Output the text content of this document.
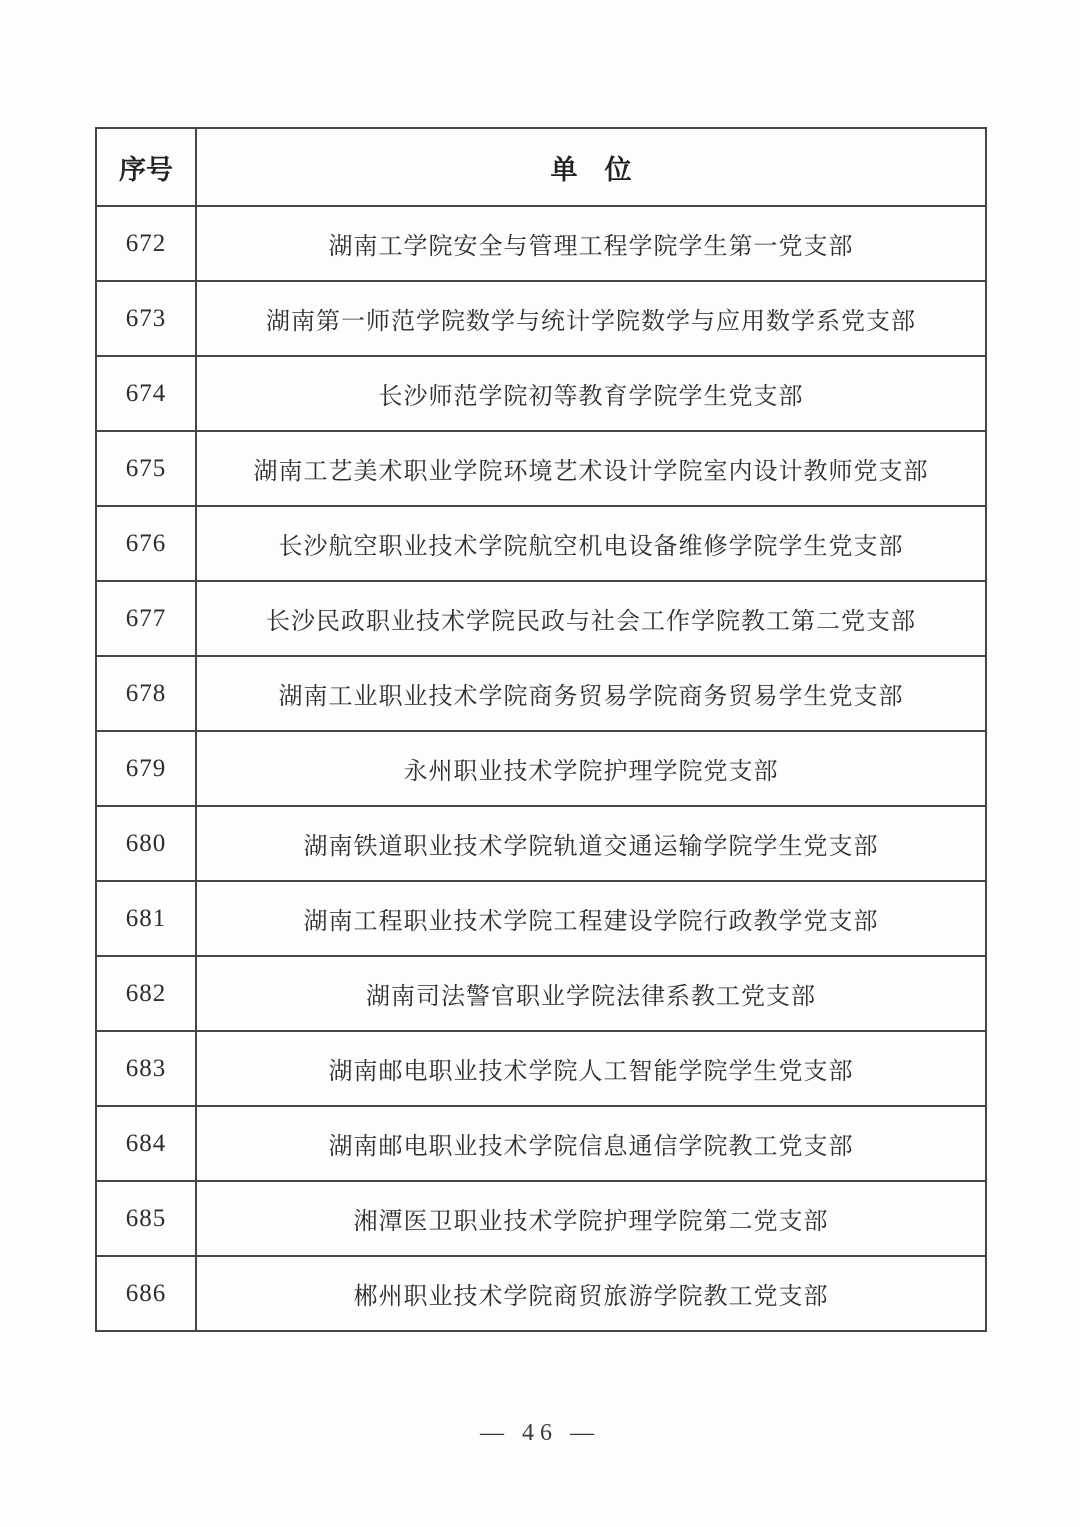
序号	单　位
672	湖南工学院安全与管理工程学院学生第一党支部
673	湖南第一师范学院数学与统计学院数学与应用数学系党支部
674	长沙师范学院初等教育学院学生党支部
675	湖南工艺美术职业学院环境艺术设计学院室内设计教师党支部
676	长沙航空职业技术学院航空机电设备维修学院学生党支部
677	长沙民政职业技术学院民政与社会工作学院教工第二党支部
678	湖南工业职业技术学院商务贸易学院商务贸易学生党支部
679	永州职业技术学院护理学院党支部
680	湖南铁道职业技术学院轨道交通运输学院学生党支部
681	湖南工程职业技术学院工程建设学院行政教学党支部
682	湖南司法警官职业学院法律系教工党支部
683	湖南邮电职业技术学院人工智能学院学生党支部
684	湖南邮电职业技术学院信息通信学院教工党支部
685	湘潭医卫职业技术学院护理学院第二党支部
686	郴州职业技术学院商贸旅游学院教工党支部
— 46 —
